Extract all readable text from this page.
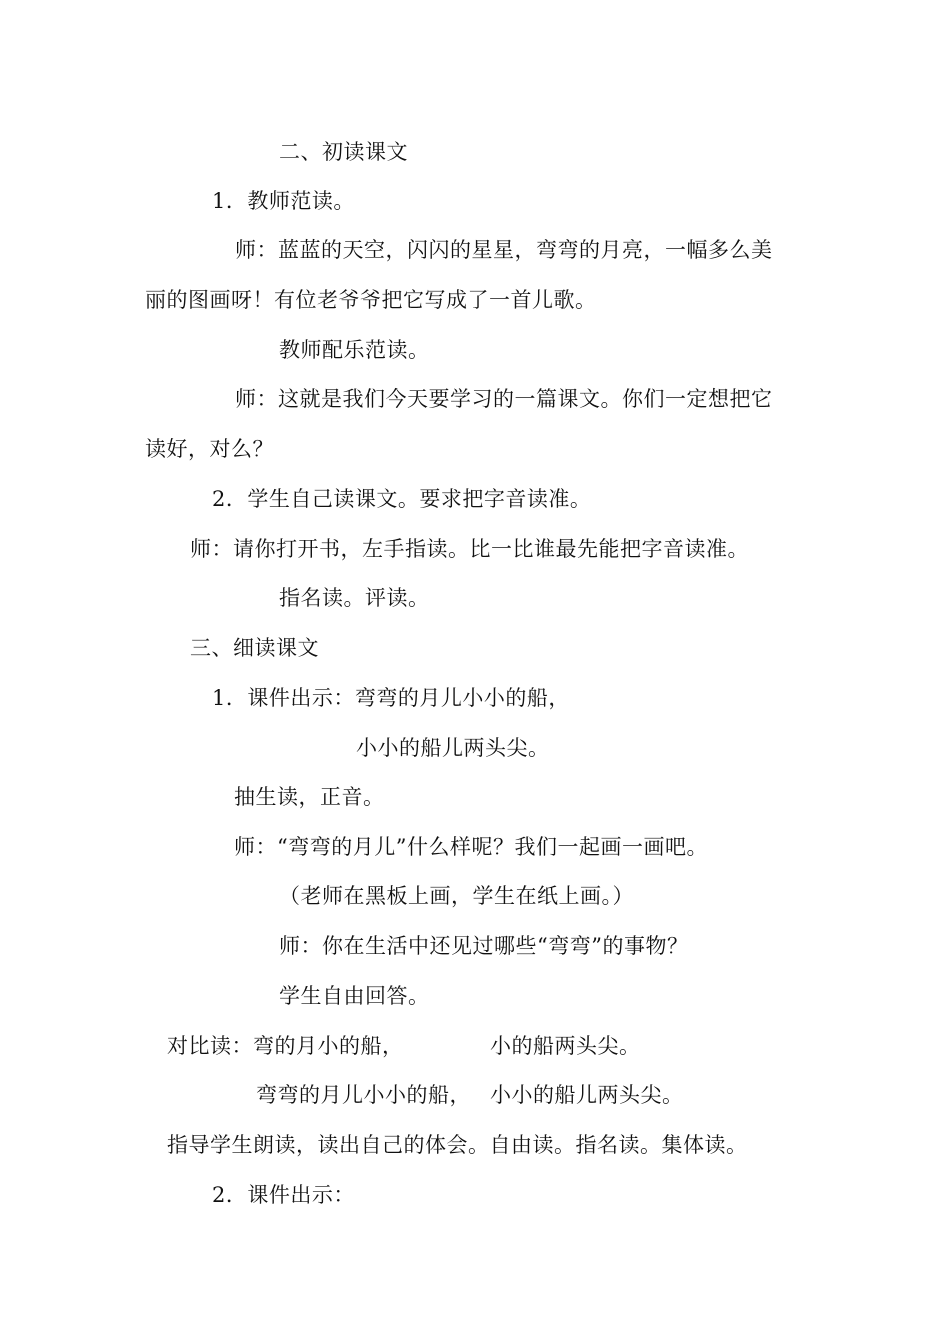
二、初读课文
1．教师范读。
师：蓝蓝的天空，闪闪的星星，弯弯的月亮，一幅多么美
丽的图画呀！有位老爷爷把它写成了一首儿歌。
教师配乐范读。
师：这就是我们今天要学习的一篇课文。你们一定想把它
读好，对么？
2．学生自己读课文。要求把字音读准。
师：请你打开书，左手指读。比一比谁最先能把字音读准。
指名读。评读。
三、细读课文
1．课件出示：弯弯的月儿小小的船，
小小的船儿两头尖。
抽生读，正音。
师：“弯弯的月儿”什么样呢？我们一起画一画吧。
（老师在黑板上画，学生在纸上画。）
师：你在生活中还见过哪些“弯弯”的事物？
学生自由回答。
对比读：弯的月小的船，	小的船两头尖。
弯弯的月儿小小的船， 小小的船儿两头尖。
指导学生朗读，读出自己的体会。自由读。指名读。集体读。
2．课件出示：
